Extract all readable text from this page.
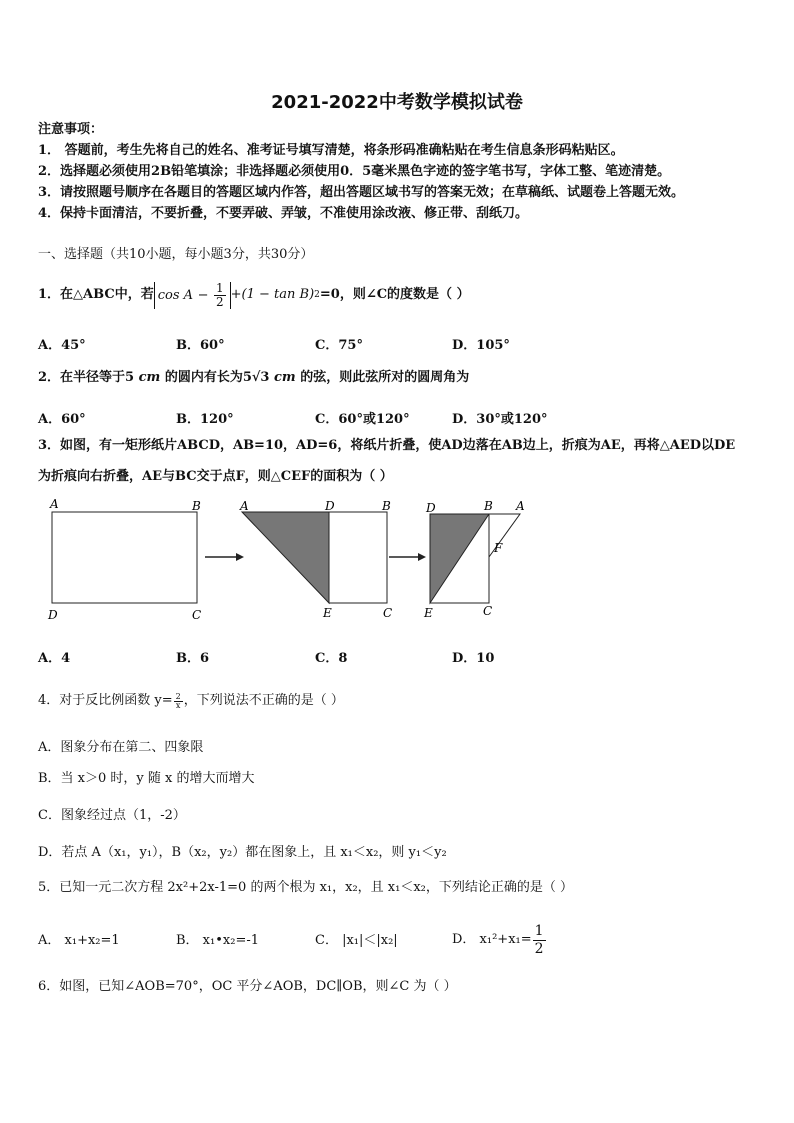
2021-2022中考数学模拟试卷
注意事项：
1． 答题前，考生先将自己的姓名、准考证号填写清楚，将条形码准确粘贴在考生信息条形码粘贴区。
2．选择题必须使用2B铅笔填涂；非选择题必须使用0．5毫米黑色字迹的签字笔书写，字体工整、笔迹清楚。
3．请按照题号顺序在各题目的答题区域内作答，超出答题区域书写的答案无效；在草稿纸、试题卷上答题无效。
4．保持卡面清洁，不要折叠，不要弄破、弄皱，不准使用涂改液、修正带、刮纸刀。
一、选择题（共10小题，每小题3分，共30分）
1．在△ABC中，若 $\cos A - \frac{1}{2} +(1 - \tan B)$ 2 =0，则∠C的度数是（ ）
A．45°	B．60°	C．75°	D．105°
2．在半径等于5 cm 的圆内有长为5√3 cm 的弦，则此弦所对的圆周角为
A．60°	B．120°	C．60°或120°	D．30°或120°
3．如图，有一矩形纸片ABCD，AB=10，AD=6，将纸片折叠，使AD边落在AB边上，折痕为AE，再将△AED以DE
为折痕向右折叠，AE与BC交于点F，则△CEF的面积为（ ）
A	B
D	C
A	D	B
E	C
D	B A
F
E	C
A．4	B．6	C．8	D．10
4．对于反比例函数 $y= \frac{2}{x}$ ，下列说法不正确的是（ ）
A．图象分布在第二、四象限
B．当 x＞0 时，y 随 x 的增大而增大
C．图象经过点（1，-2）
D．若点 A（x₁，y₁），B（x₂，y₂）都在图象上，且 x₁＜x₂，则 y₁＜y₂
5．已知一元二次方程 2x²+2x-1=0 的两个根为 x₁，x₂，且 x₁＜x₂，下列结论正确的是（ ）
A． x₁+x₂=1	B． x₁•x₂=-1	C． |x₁|＜|x₂|	D． $x_1^2+x_1= \frac{1}{2}$
6．如图，已知∠AOB=70°，OC 平分∠AOB，DC∥OB，则∠C 为（ ）
